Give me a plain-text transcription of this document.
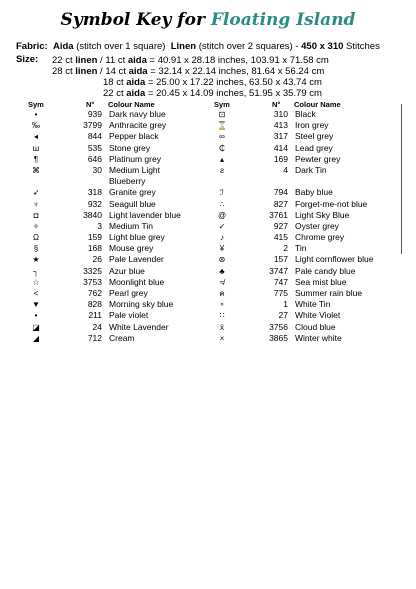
Symbol Key for Floating Island
Fabric: Aida (stitch over 1 square) Linen (stitch over 2 squares) - 450 x 310 Stitches
Size: 22 ct linen / 11 ct aida = 40.91 x 28.18 inches, 103.91 x 71.58 cm
28 ct linen / 14 ct aida = 32.14 x 22.14 inches, 81.64 x 56.24 cm
18 ct aida = 25.00 x 17.22 inches, 63.50 x 43.74 cm
22 ct aida = 20.45 x 14.09 inches, 51.95 x 35.79 cm
Sym	N° Colour Name
•	939 Dark navy blue
‰	3799 Anthracite grey
◂	844 Pepper black
ш	535 Stone grey
¶	646 Platinum grey
⌘	30 Medium Light
Blueberry
➶	318 Granite grey
♆	932 Seagull blue
◘	3840 Light lavender blue
✧	3 Medium Tin
Ω	159 Light blue grey
§	168 Mouse grey
★	26 Pale Lavender
┐	3325 Azur blue
☆	3753 Moonlight blue
<	762 Pearl grey
▼	828 Morning sky blue
•	211 Pale violet
◪	24 White Lavender
◢	712 Cream
Sym	N° Colour Name
⊡	310 Black
⌛	413 Iron grey
∞	317 Steel grey
₵	414 Lead grey
▴	169 Pewter grey
ƨ	4 Dark Tin
ℐ	794 Baby blue
∴	827 Forget-me-not blue
@	3761 Light Sky Blue
✓	927 Oyster grey
♪	415 Chrome grey
¥	2 Tin
⊛	157 Light cornflower blue
♣	3747 Pale candy blue
≉	747 Sea mist blue
ค	775 Summer rain blue
∘	1 White Tin
∷	27 White Violet
ẍ	3756 Cloud blue
×	3865 Winter white
